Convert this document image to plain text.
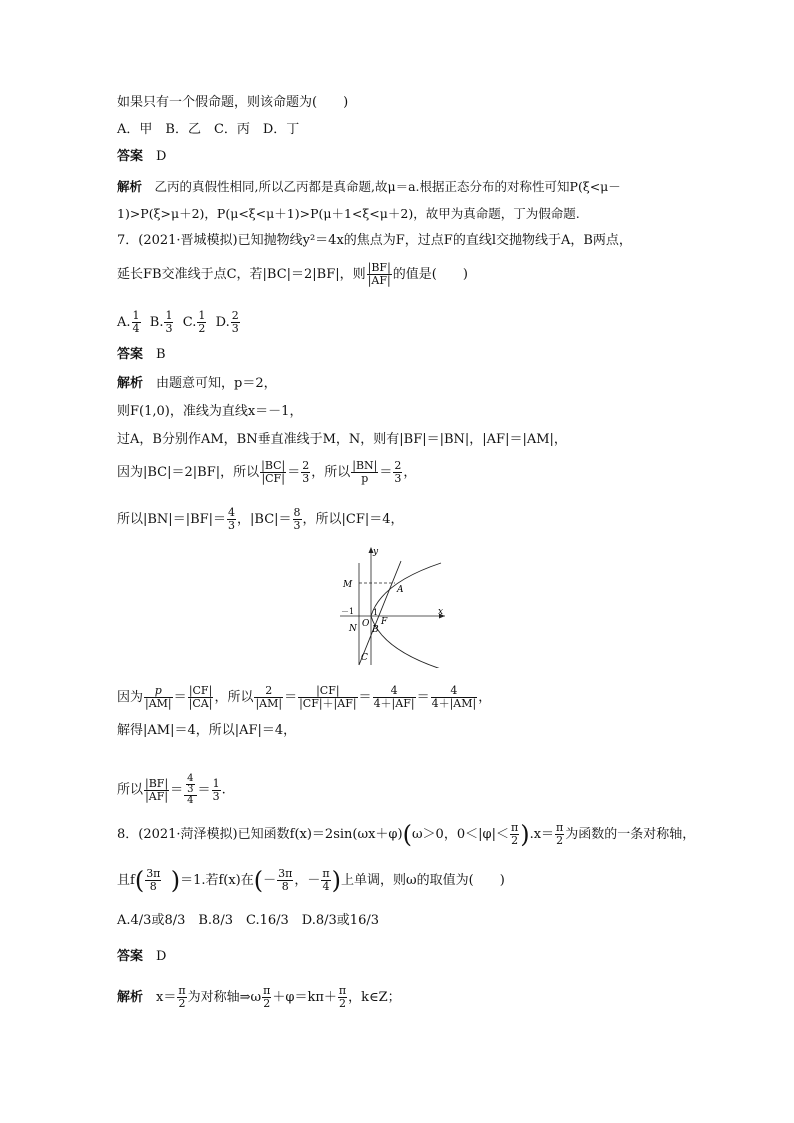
如果只有一个假命题，则该命题为(　　)
A．甲　B．乙　C．丙　D．丁
答案　 D
解析　 乙丙的真假性相同,所以乙丙都是真命题,故μ＝a.根据正态分布的对称性可知P(ξ<μ－
1)>P(ξ>μ＋2)，P(μ<ξ<μ＋1)>P(μ＋1<ξ<μ＋2)，故甲为真命题，丁为假命题.
7．(2021·晋城模拟)已知抛物线y²＝4x的焦点为F，过点F的直线l交抛物线于A，B两点，
延长FB交准线于点C，若|BC|＝2|BF|，则 $\frac{|BF|}{|AF|}$ 的值是(　　)
A. $\frac{1}{4} B$. $\frac{1}{3} C$. $\frac{1}{2} D$. $\frac{2}{3}$
答案　 B
解析　 由题意可知，p＝2，
则F(1,0)，准线为直线x＝－1，
过A，B分别作AM，BN垂直准线于M，N，则有|BF|＝|BN|，|AF|＝|AM|，
因为|BC|＝2|BF|，所以 $\frac{|BC|}{|CF|} = \frac{2}{3}$ ，所以 $\frac{|BN|}{p} = \frac{2}{3}$ ，
所以$|BN|=|BF|= \frac{4}{3}$ ，$|BC|= \frac{8}{3}$ ，所以|CF|＝4，
M	A
y
x
－1
N O
1
B
F
C
因为 $\frac{p}{|AM|} = \frac{|CF|}{|CA|}$ ，所以 $\frac{2}{|AM|} = \frac{|CF|}{|CF|+|AF|} = \frac{4}{4+|AF|} = \frac{4}{4+|AM|}$ ，
解得|AM|＝4，所以|AF|＝4，
所以 $\frac{|BF|}{|AF|} = \frac{\frac{4}{3}}{4} = \frac{1}{3}$ .
8．(2021·菏泽模拟)已知函数f(x)＝2sin(ωx＋φ)(ω＞0，$0<|\varphi|< \frac{\pi}{2} ).x= \frac{\pi}{2}$ 为函数的一条对称轴，
且$f( \frac{3\pi}{8} )=1$.若f(x)在(－ $\frac{3\pi}{8}$ ，－ $\frac{\pi}{4}$ )上单调，则ω的取值为(　　)
A.4/3或8/3　B.8/3　C.16/3　D.8/3或16/3
答案　 D
解析　 $x= \frac{\pi}{2}$ 为对称轴⇒ω $\frac{\pi}{2} +\varphi=k\pi+ \frac{\pi}{2}$ ，k∈Z；
